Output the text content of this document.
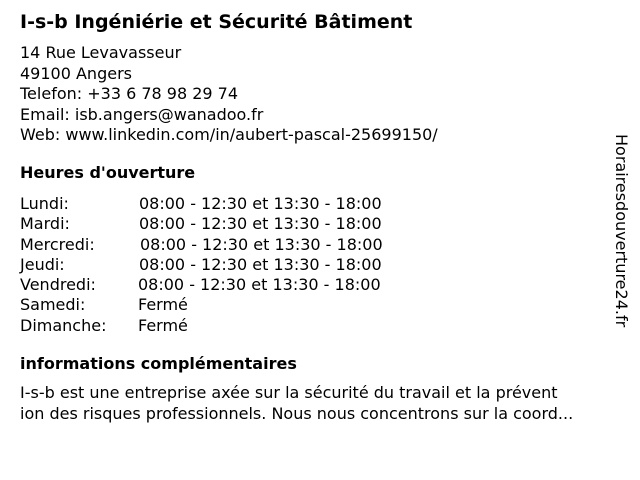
I-s-b Ingéniérie et Sécurité Bâtiment
14 Rue Levavasseur
49100 Angers
Telefon: +33 6 78 98 29 74
Email: isb.angers@wanadoo.fr
Web: www.linkedin.com/in/aubert-pascal-25699150/
Heures d'ouverture
Lundi:	08:00 - 12:30 et 13:30 - 18:00
Mardi:	08:00 - 12:30 et 13:30 - 18:00
Mercredi:	08:00 - 12:30 et 13:30 - 18:00
Jeudi:	08:00 - 12:30 et 13:30 - 18:00
Vendredi:	08:00 - 12:30 et 13:30 - 18:00
Samedi:	Fermé
Dimanche: Fermé
informations complémentaires
I-s-b est une entreprise axée sur la sécurité du travail et la prévent
ion des risques professionnels. Nous nous concentrons sur la coord...
Horairesdouverture24.fr
